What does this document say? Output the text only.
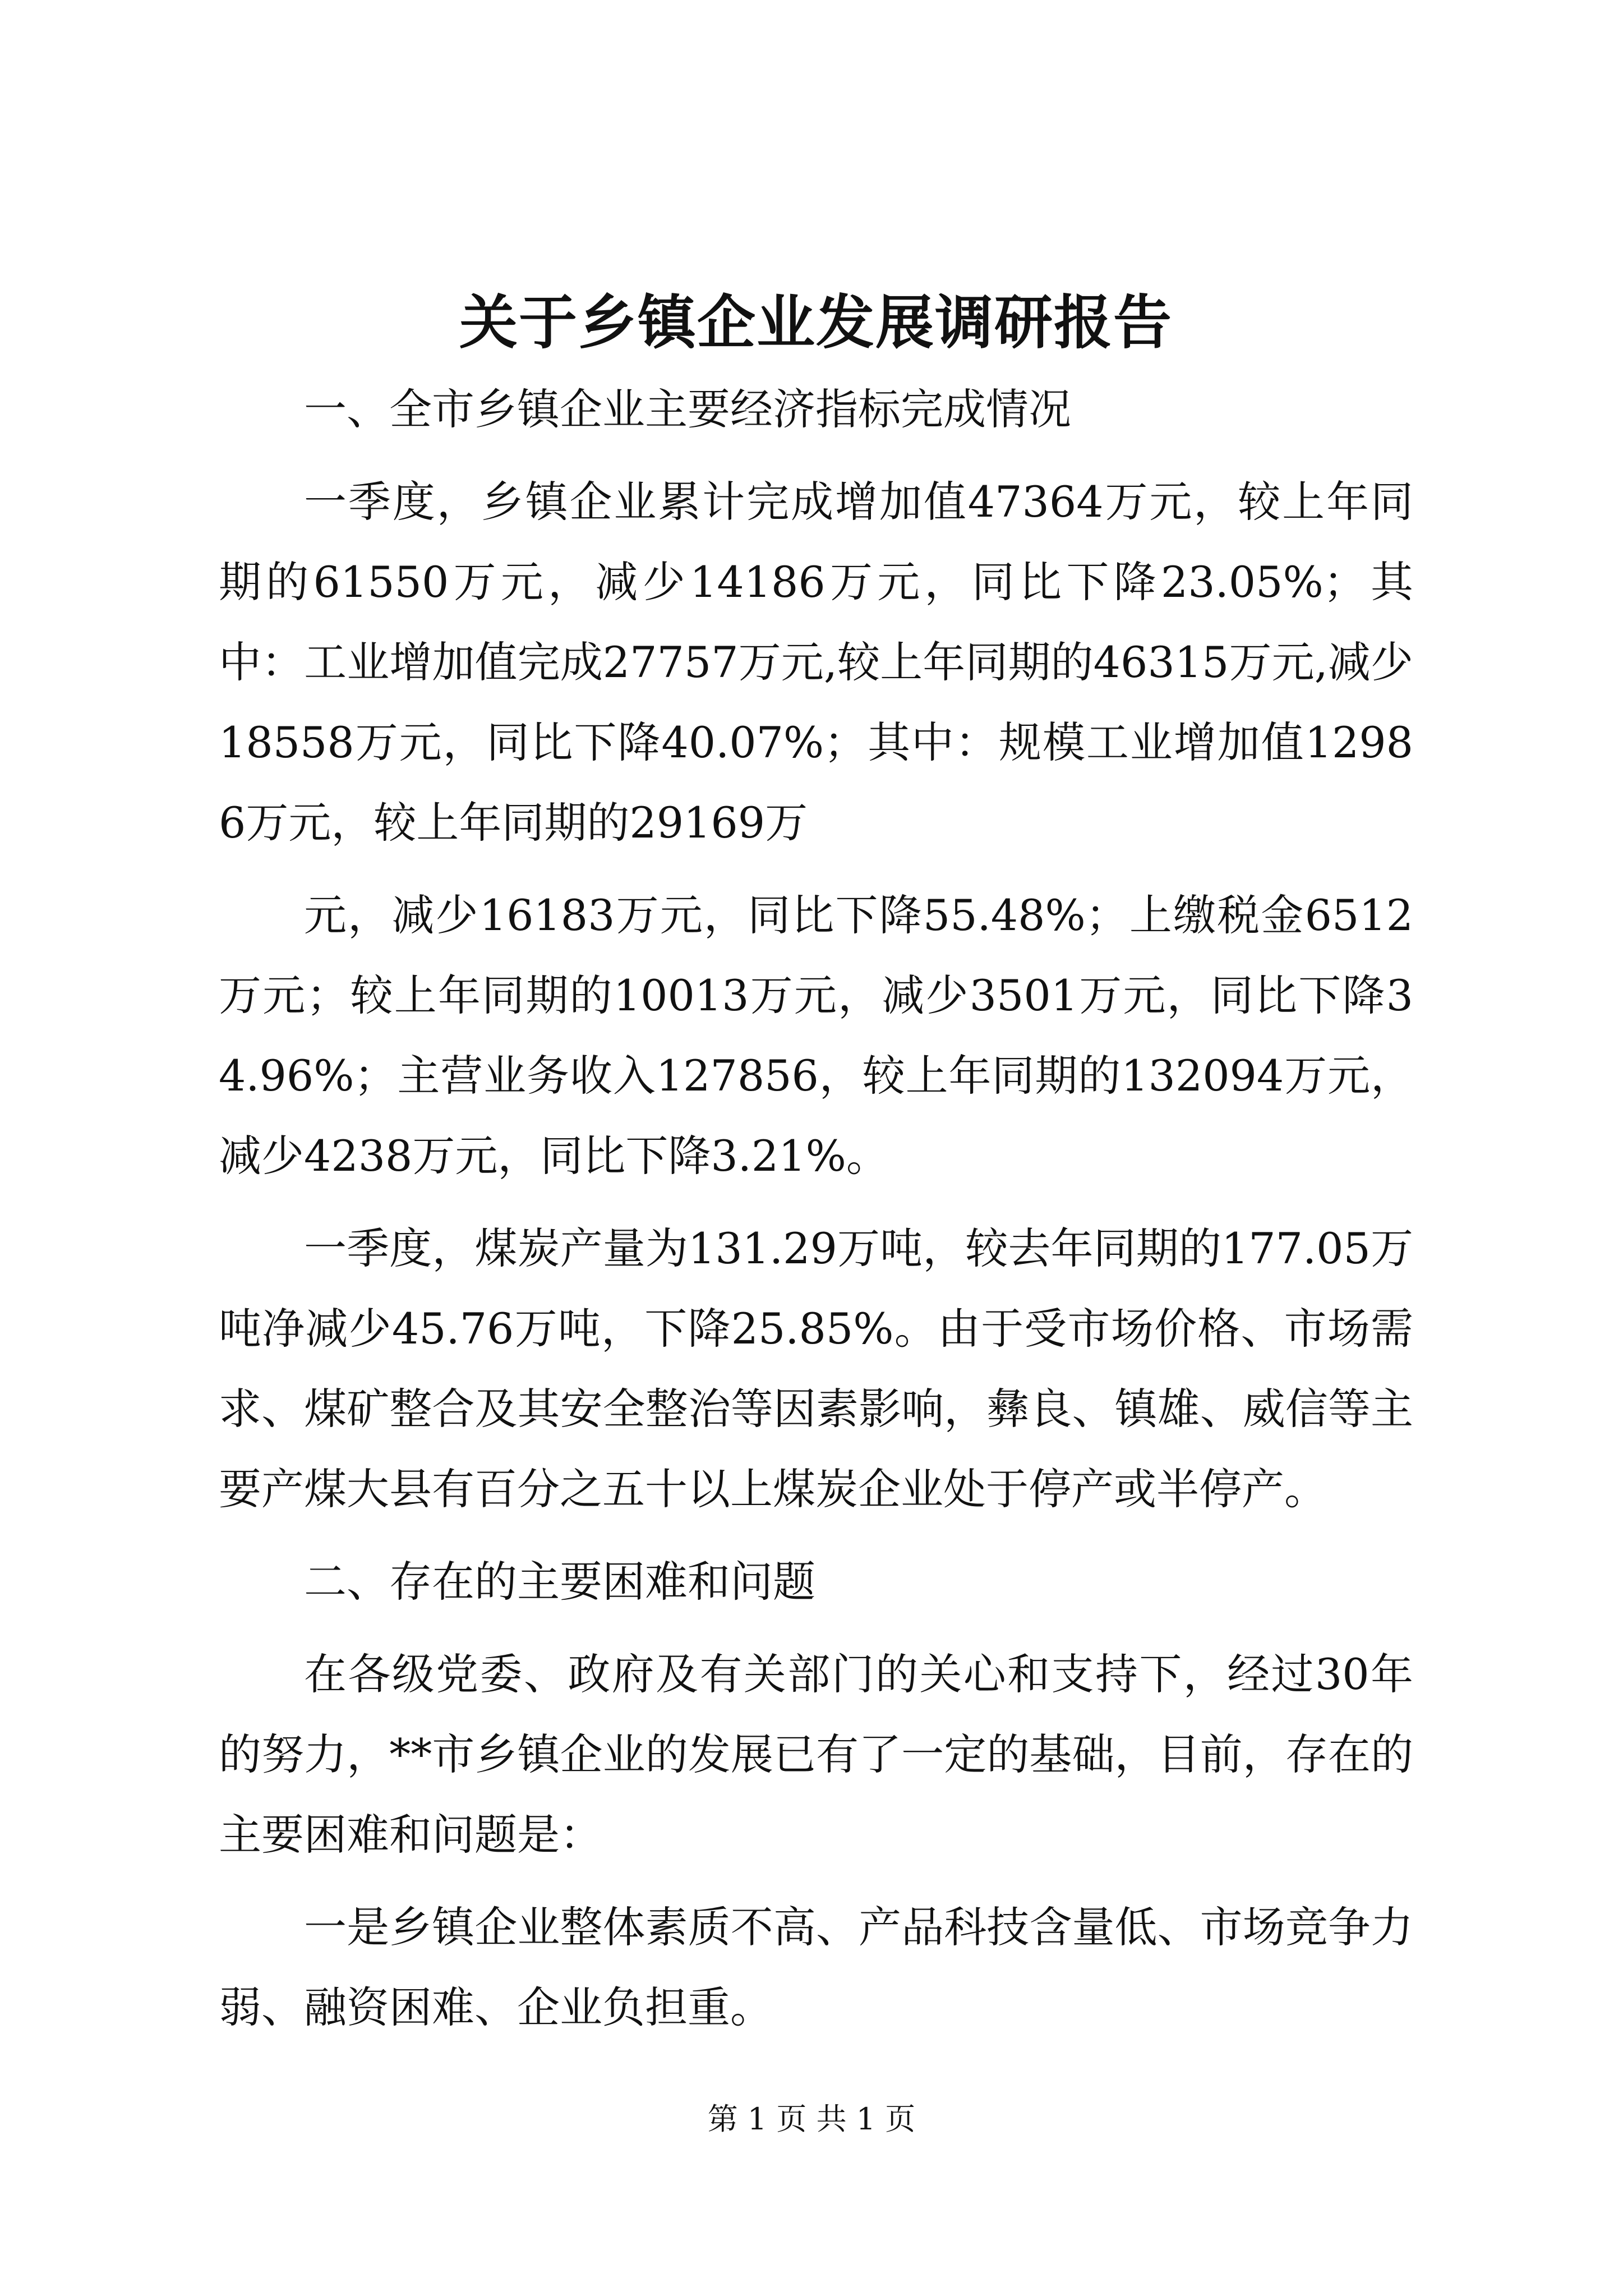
关于乡镇企业发展调研报告

一、全市乡镇企业主要经济指标完成情况

一季度，乡镇企业累计完成增加值47364万元，较上年同期的61550万元，减少14186万元，同比下降23.05%；其中：工业增加值完成27757万元,较上年同期的46315万元,减少18558万元，同比下降40.07%；其中：规模工业增加值12986万元，较上年同期的29169万

元，减少16183万元，同比下降55.48%；上缴税金6512万元；较上年同期的10013万元，减少3501万元，同比下降34.96%；主营业务收入127856，较上年同期的132094万元，减少4238万元，同比下降3.21%。

一季度，煤炭产量为131.29万吨，较去年同期的177.05万吨净减少45.76万吨，下降25.85%。由于受市场价格、市场需求、煤矿整合及其安全整治等因素影响，彝良、镇雄、威信等主要产煤大县有百分之五十以上煤炭企业处于停产或半停产。

二、存在的主要困难和问题

在各级党委、政府及有关部门的关心和支持下，经过30年的努力，**市乡镇企业的发展已有了一定的基础，目前，存在的主要困难和问题是：

一是乡镇企业整体素质不高、产品科技含量低、市场竞争力弱、融资困难、企业负担重。

第 1 页 共 1 页
